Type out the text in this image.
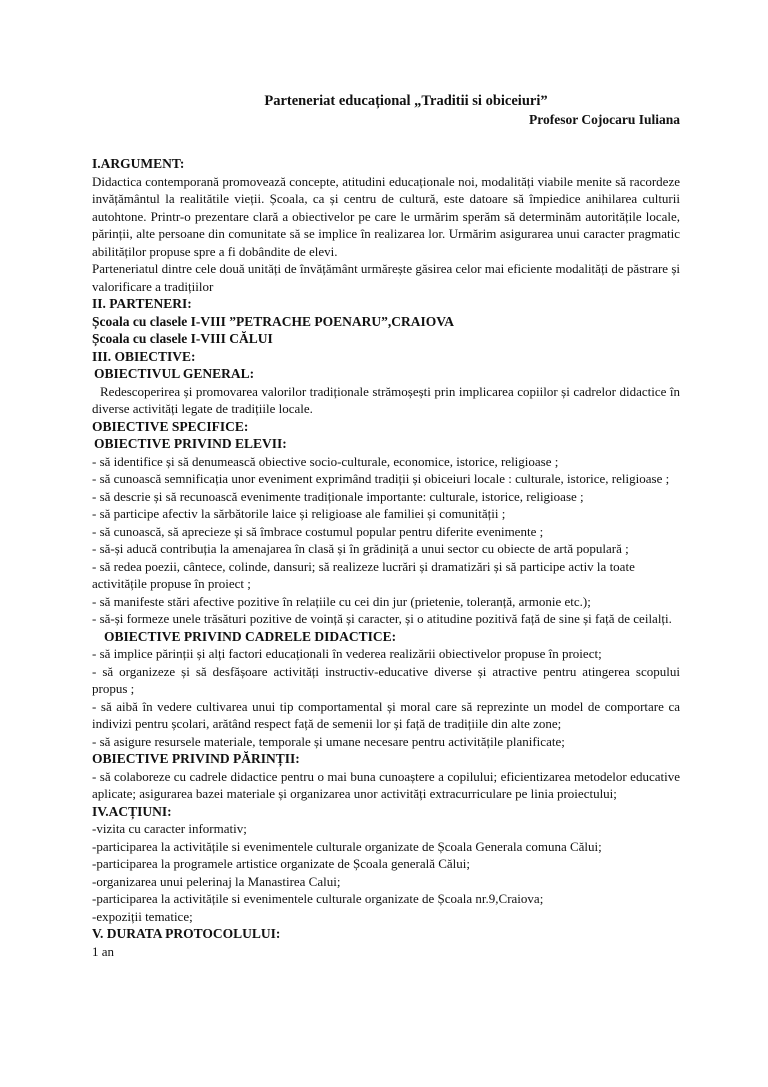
Parteneriat educațional „Traditii si obiceiuri”
Profesor Cojocaru Iuliana
I.ARGUMENT:

Didactica contemporană promovează concepte, atitudini educaționale noi, modalități viabile menite să racordeze invățământul la realitătile vieții. Școala, ca și centru de cultură, este datoare să împiedice anihilarea culturii autohtone. Printr-o prezentare clară a obiectivelor pe care le urmărim sperăm să determinăm autoritățile locale, părinții, alte persoane din comunitate să se implice în realizarea lor. Urmărim asigurarea unui caracter pragmatic abilităților propuse spre a fi dobândite de elevi.

Parteneriatul dintre cele două unități de învățământ urmărește găsirea celor mai eficiente modalități de păstrare și valorificare a tradițiilor

II. PARTENERI:
Școala cu clasele I-VIII ”PETRACHE POENARU”,CRAIOVA
Școala cu clasele I-VIII CĂLUI
III. OBIECTIVE:
OBIECTIVUL GENERAL:

Redescoperirea și promovarea valorilor tradiționale strămoșești prin implicarea copiilor și cadrelor didactice în diverse activități legate de tradițiile locale.

OBIECTIVE SPECIFICE:
OBIECTIVE PRIVIND ELEVII:

- să identifice și să denumească obiective socio-culturale, economice, istorice, religioase ;

- să cunoască semnificația unor eveniment exprimând tradiții și obiceiuri locale : culturale, istorice, religioase ;

- să descrie și să recunoască evenimente tradiționale importante: culturale, istorice, religioase ;

- să participe afectiv la sărbătorile laice și religioase ale familiei și comunității ;

- să cunoască, să aprecieze și să îmbrace costumul popular pentru diferite evenimente ;

- să-și aducă contribuția la amenajarea în clasă și în grădiniță a unui sector cu obiecte de artă populară ;

- să redea poezii, cântece, colinde, dansuri; să realizeze lucrări și dramatizări și să participe activ la toate activitățile propuse în proiect ;

- să manifeste stări afective pozitive în relațiile cu cei din jur (prietenie, toleranță, armonie etc.);

- să-și formeze unele trăsături pozitive de voință și caracter, și o atitudine pozitivă față de sine și față de ceilalți.

OBIECTIVE PRIVIND CADRELE DIDACTICE:

- să implice părinții și alți factori educaționali în vederea realizării obiectivelor propuse în proiect;

- să organizeze și să desfășoare activități instructiv-educative diverse și atractive pentru atingerea scopului propus ;

- să aibă în vedere cultivarea unui tip comportamental și moral care să reprezinte un model de comportare ca indivizi pentru școlari, arătând respect față de semenii lor și față de tradițiile din alte zone;

- să asigure resursele materiale, temporale și umane necesare pentru activitățile planificate;

OBIECTIVE PRIVIND PĂRINȚII:

- să colaboreze cu cadrele didactice pentru o mai buna cunoaștere a copilului; eficientizarea metodelor educative aplicate; asigurarea bazei materiale și organizarea unor activități extracurriculare pe linia proiectului;

IV.ACȚIUNI:

-vizita cu caracter informativ;

-participarea la activitățile si evenimentele culturale organizate de Școala Generala comuna Călui;

-participarea la programele artistice organizate de Școala generală Călui;

-organizarea unui pelerinaj la Manastirea Calui;

-participarea la activitățile si evenimentele culturale organizate de Școala nr.9,Craiova;

-expoziții tematice;

V. DURATA PROTOCOLULUI:

1 an
